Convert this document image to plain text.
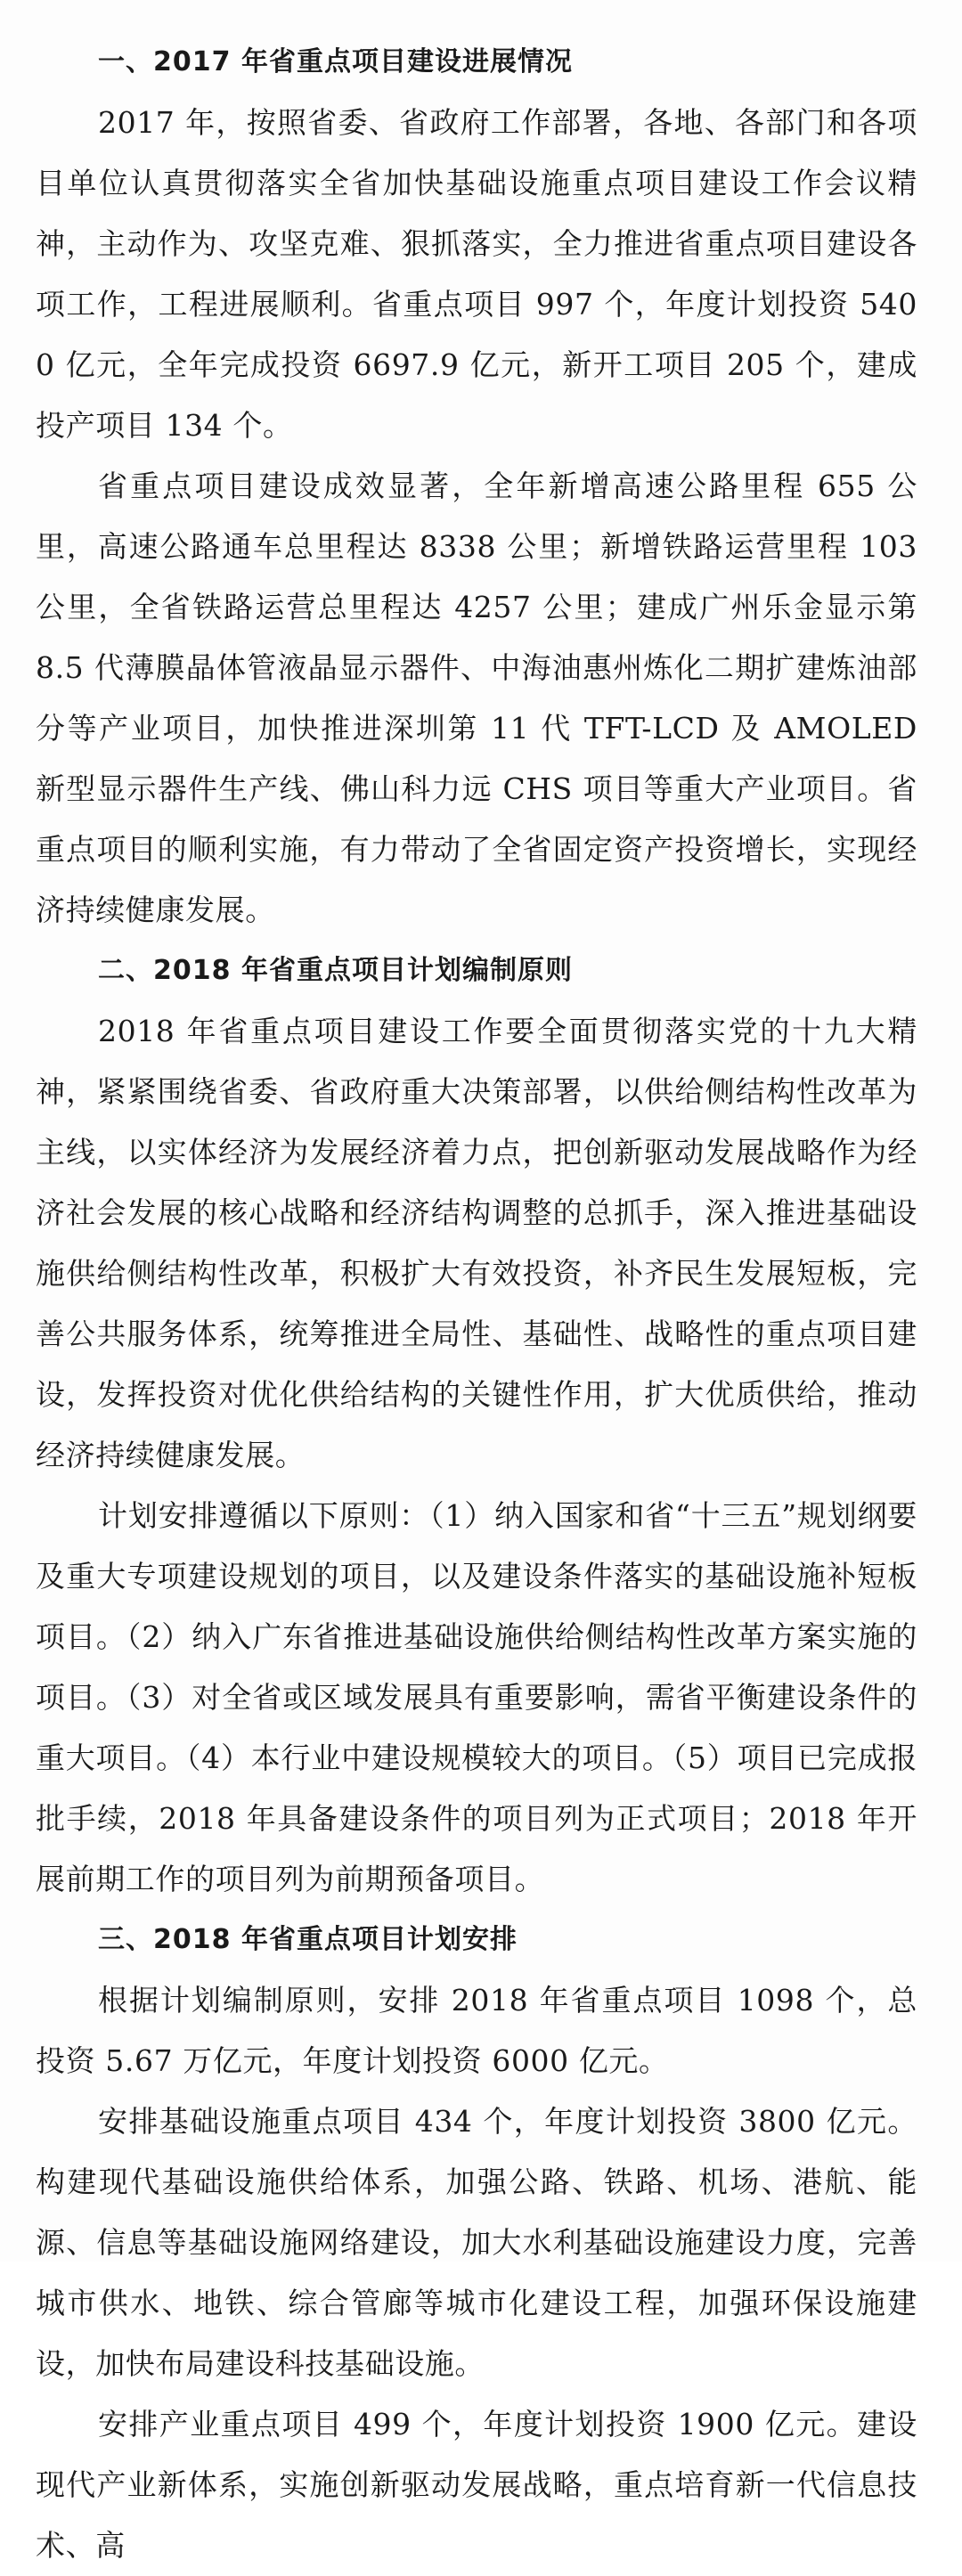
一、2017 年省重点项目建设进展情况

2017 年，按照省委、省政府工作部署，各地、各部门和各项目单位认真贯彻落实全省加快基础设施重点项目建设工作会议精神，主动作为、攻坚克难、狠抓落实，全力推进省重点项目建设各项工作，工程进展顺利。省重点项目 997 个，年度计划投资 5400 亿元，全年完成投资 6697.9 亿元，新开工项目 205 个，建成投产项目 134 个。

省重点项目建设成效显著，全年新增高速公路里程 655 公里，高速公路通车总里程达 8338 公里；新增铁路运营里程 103 公里，全省铁路运营总里程达 4257 公里；建成广州乐金显示第 8.5 代薄膜晶体管液晶显示器件、中海油惠州炼化二期扩建炼油部分等产业项目，加快推进深圳第 11 代 TFT-LCD 及 AMOLED 新型显示器件生产线、佛山科力远 CHS 项目等重大产业项目。省重点项目的顺利实施，有力带动了全省固定资产投资增长，实现经济持续健康发展。

二、2018 年省重点项目计划编制原则

2018 年省重点项目建设工作要全面贯彻落实党的十九大精神，紧紧围绕省委、省政府重大决策部署，以供给侧结构性改革为主线，以实体经济为发展经济着力点，把创新驱动发展战略作为经济社会发展的核心战略和经济结构调整的总抓手，深入推进基础设施供给侧结构性改革，积极扩大有效投资，补齐民生发展短板，完善公共服务体系，统筹推进全局性、基础性、战略性的重点项目建设，发挥投资对优化供给结构的关键性作用，扩大优质供给，推动经济持续健康发展。

计划安排遵循以下原则：（1）纳入国家和省“十三五”规划纲要及重大专项建设规划的项目，以及建设条件落实的基础设施补短板项目。（2）纳入广东省推进基础设施供给侧结构性改革方案实施的项目。（3）对全省或区域发展具有重要影响，需省平衡建设条件的重大项目。（4）本行业中建设规模较大的项目。（5）项目已完成报批手续，2018 年具备建设条件的项目列为正式项目；2018 年开展前期工作的项目列为前期预备项目。

三、2018 年省重点项目计划安排

根据计划编制原则，安排 2018 年省重点项目 1098 个，总投资 5.67 万亿元，年度计划投资 6000 亿元。

安排基础设施重点项目 434 个，年度计划投资 3800 亿元。构建现代基础设施供给体系，加强公路、铁路、机场、港航、能源、信息等基础设施网络建设，加大水利基础设施建设力度，完善城市供水、地铁、综合管廊等城市化建设工程，加强环保设施建设，加快布局建设科技基础设施。

安排产业重点项目 499 个，年度计划投资 1900 亿元。建设现代产业新体系，实施创新驱动发展战略，重点培育新一代信息技术、高
